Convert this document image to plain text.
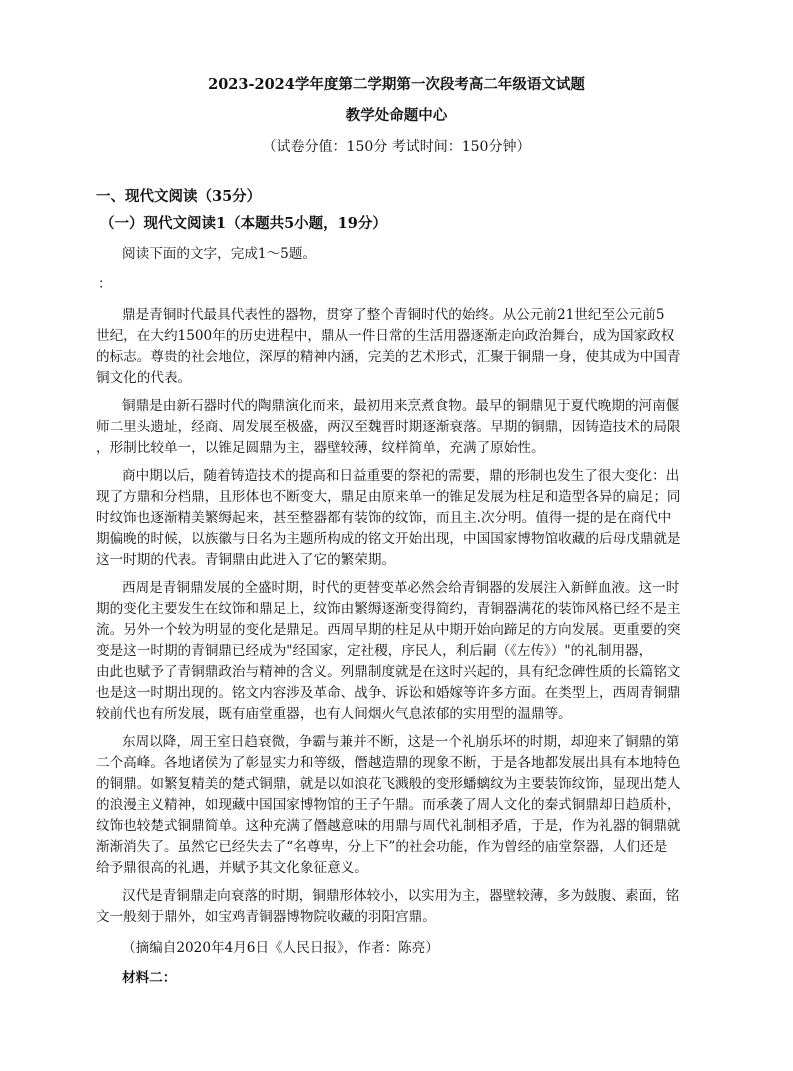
2023-2024学年度第二学期第一次段考高二年级语文试题
教学处命题中心
（试卷分值：150分 考试时间：150分钟）
一、现代文阅读（35分）
（一）现代文阅读1（本题共5小题，19分）
阅读下面的文字，完成1～5题。
：
鼎是青铜时代最具代表性的器物，贯穿了整个青铜时代的始终。从公元前21世纪至公元前5
世纪，在大约1500年的历史进程中，鼎从一件日常的生活用器逐渐走向政治舞台，成为国家政权
的标志。尊贵的社会地位，深厚的精神内涵，完美的艺术形式，汇聚于铜鼎一身，使其成为中国青
铜文化的代表。
铜鼎是由新石器时代的陶鼎演化而来，最初用来烹煮食物。最早的铜鼎见于夏代晚期的河南偃
师二里头遗址，经商、周发展至极盛，两汉至魏晋时期逐渐衰落。早期的铜鼎，因铸造技术的局限
，形制比较单一，以锥足圆鼎为主，器壁较薄，纹样简单，充满了原始性。
商中期以后，随着铸造技术的提高和日益重要的祭祀的需要，鼎的形制也发生了很大变化：出
现了方鼎和分档鼎，且形体也不断变大，鼎足由原来单一的锥足发展为柱足和造型各异的扁足；同
时纹饰也逐渐精美繁缛起来，甚至整器都有装饰的纹饰，而且主.次分明。值得一提的是在商代中
期偏晚的时候，以族徽与日名为主题所构成的铭文开始出现，中国国家博物馆收藏的后母戊鼎就是
这一时期的代表。青铜鼎由此进入了它的繁荣期。
西周是青铜鼎发展的全盛时期，时代的更替变革必然会给青铜器的发展注入新鲜血液。这一时
期的变化主要发生在纹饰和鼎足上，纹饰由繁缛逐渐变得简约，青铜器满花的装饰风格已经不是主
流。另外一个较为明显的变化是鼎足。西周早期的柱足从中期开始向蹄足的方向发展。更重要的突
变是这一时期的青铜鼎已经成为"经国家，定社稷，序民人，利后嗣（《左传》）"的礼制用器，
由此也赋予了青铜鼎政治与精神的含义。列鼎制度就是在这时兴起的，具有纪念碑性质的长篇铭文
也是这一时期出现的。铭文内容涉及革命、战争、诉讼和婚嫁等许多方面。在类型上，西周青铜鼎
较前代也有所发展，既有庙堂重器，也有人间烟火气息浓郁的实用型的温鼎等。
东周以降，周王室日趋衰微，争霸与兼并不断，这是一个礼崩乐坏的时期，却迎来了铜鼎的第
二个高峰。各地诸侯为了彰显实力和等级，僭越造鼎的现象不断，于是各地都发展出具有本地特色
的铜鼎。如繁复精美的楚式铜鼎，就是以如浪花飞溅般的变形蟠螭纹为主要装饰纹饰，显现出楚人
的浪漫主义精神，如现藏中国国家博物馆的王子午鼎。而承袭了周人文化的秦式铜鼎却日趋质朴，
纹饰也较楚式铜鼎简单。这种充满了僭越意味的用鼎与周代礼制相矛盾，于是，作为礼器的铜鼎就
渐渐消失了。虽然它已经失去了“名尊卑，分上下”的社会功能，作为曾经的庙堂祭器，人们还是
给予鼎很高的礼遇，并赋予其文化象征意义。
汉代是青铜鼎走向衰落的时期，铜鼎形体较小，以实用为主，器壁较薄，多为鼓腹、素面，铭
文一般刻于鼎外，如宝鸡青铜器博物院收藏的羽阳宫鼎。
（摘编自2020年4月6日《人民日报》，作者：陈亮）
材料二：
